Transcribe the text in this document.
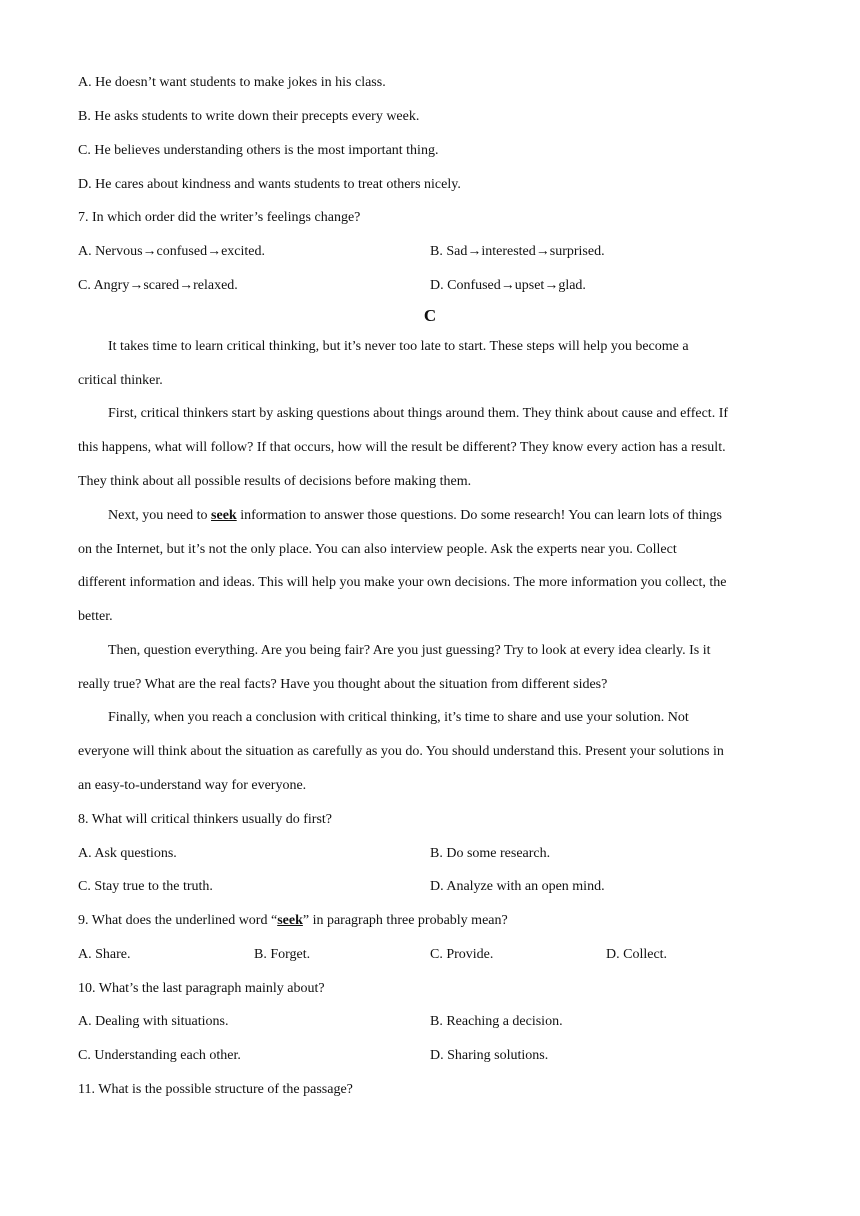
A. He doesn’t want students to make jokes in his class.
B. He asks students to write down their precepts every week.
C. He believes understanding others is the most important thing.
D. He cares about kindness and wants students to treat others nicely.
7. In which order did the writer’s feelings change?
A. Nervous→confused→excited.	B. Sad→interested→surprised.
C. Angry→scared→relaxed.	D. Confused→upset→glad.
C
It takes time to learn critical thinking, but it’s never too late to start. These steps will help you become a
critical thinker.
First, critical thinkers start by asking questions about things around them. They think about cause and effect. If
this happens, what will follow? If that occurs, how will the result be different? They know every action has a result.
They think about all possible results of decisions before making them.
Next, you need to seek information to answer those questions. Do some research! You can learn lots of things
on the Internet, but it’s not the only place. You can also interview people. Ask the experts near you. Collect
different information and ideas. This will help you make your own decisions. The more information you collect, the
better.
Then, question everything. Are you being fair? Are you just guessing? Try to look at every idea clearly. Is it
really true? What are the real facts? Have you thought about the situation from different sides?
Finally, when you reach a conclusion with critical thinking, it’s time to share and use your solution. Not
everyone will think about the situation as carefully as you do. You should understand this. Present your solutions in
an easy-to-understand way for everyone.
8. What will critical thinkers usually do first?
A. Ask questions.	B. Do some research.
C. Stay true to the truth.	D. Analyze with an open mind.
9. What does the underlined word “seek” in paragraph three probably mean?
A. Share.	B. Forget.	C. Provide.	D. Collect.
10. What’s the last paragraph mainly about?
A. Dealing with situations.	B. Reaching a decision.
C. Understanding each other.	D. Sharing solutions.
11. What is the possible structure of the passage?
